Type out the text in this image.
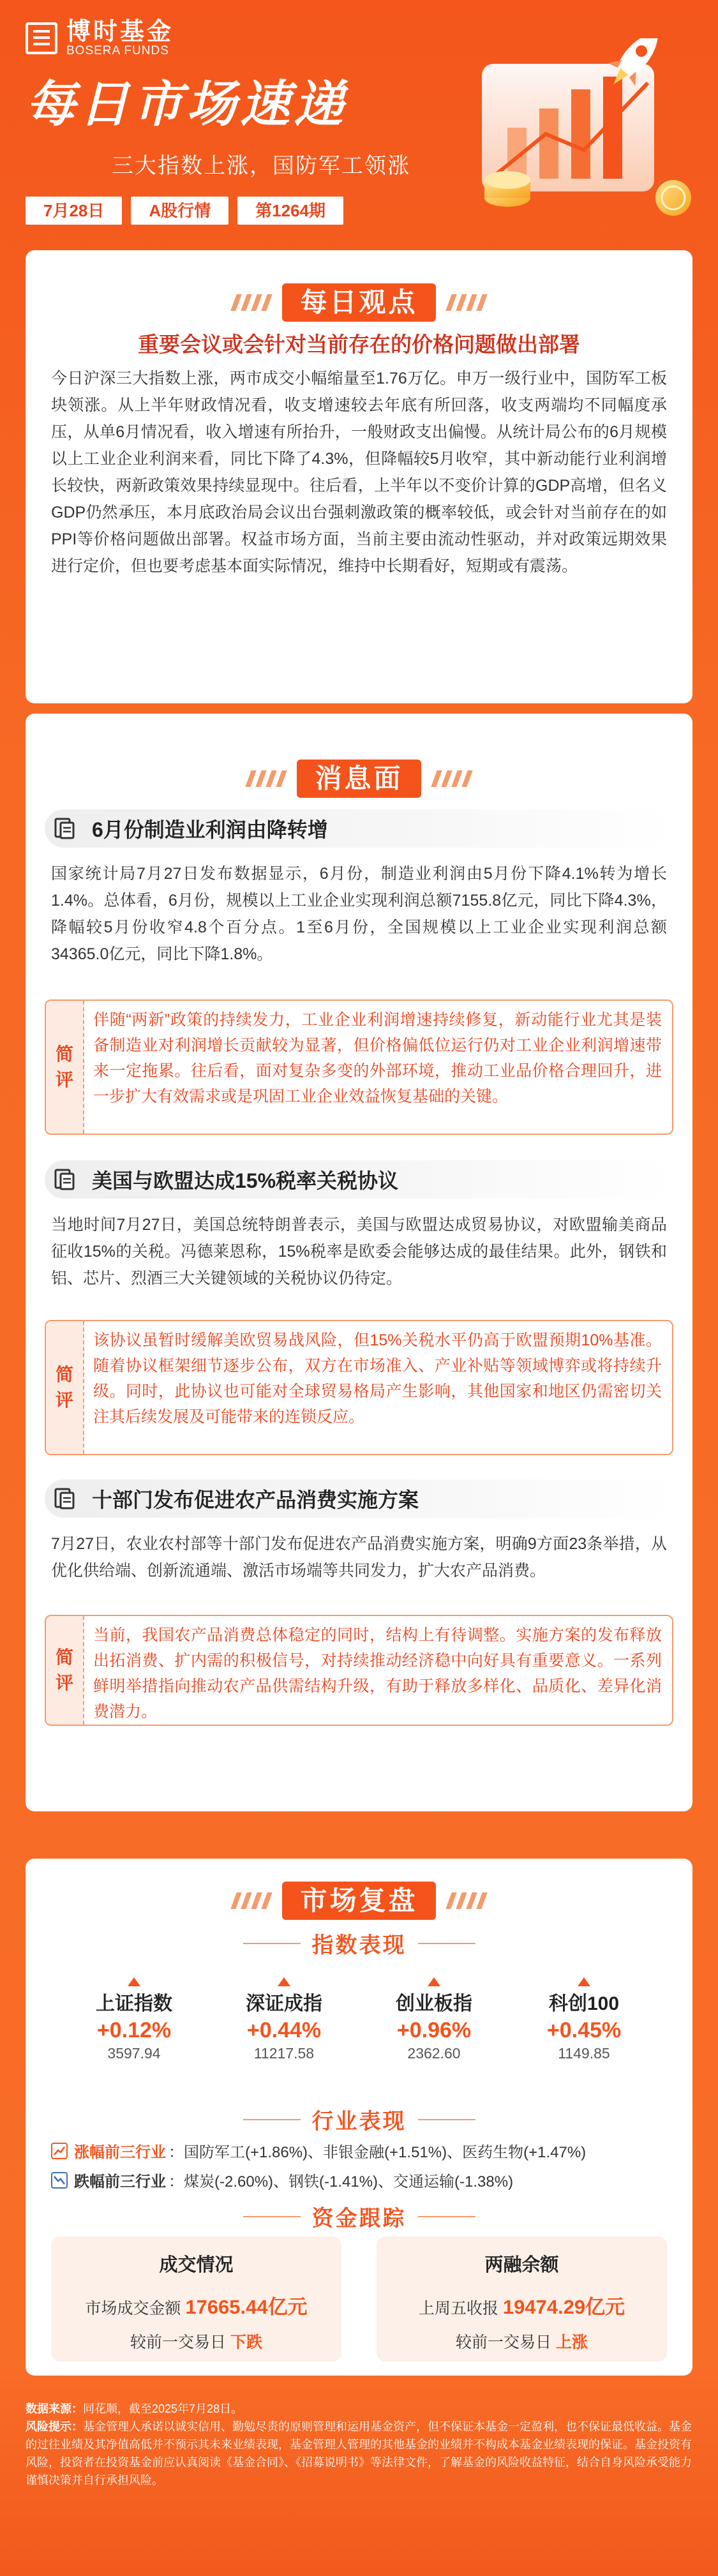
博时基金
BOSERA FUNDS
每日市场速递
三大指数上涨，国防军工领涨
7月28日	A股行情	第1264期
每日观点
重要会议或会针对当前存在的价格问题做出部署
今日沪深三大指数上涨，两市成交小幅缩量至1.76万亿。申万一级行业中，国防军工板块领涨。从上半年财政情况看，收支增速较去年底有所回落，收支两端均不同幅度承压，从单6月情况看，收入增速有所抬升，一般财政支出偏慢。从统计局公布的6月规模以上工业企业利润来看，同比下降了4.3%，但降幅较5月收窄，其中新动能行业利润增长较快，两新政策效果持续显现中。往后看，上半年以不变价计算的GDP高增，但名义GDP仍然承压，本月底政治局会议出台强刺激政策的概率较低，或会针对当前存在的如PPI等价格问题做出部署。权益市场方面，当前主要由流动性驱动，并对政策远期效果进行定价，但也要考虑基本面实际情况，维持中长期看好，短期或有震荡。
消息面
6月份制造业利润由降转增
国家统计局7月27日发布数据显示，6月份，制造业利润由5月份下降4.1%转为增长1.4%。总体看，6月份，规模以上工业企业实现利润总额7155.8亿元，同比下降4.3%，降幅较5月份收窄4.8个百分点。1至6月份，全国规模以上工业企业实现利润总额34365.0亿元，同比下降1.8%。
简
评
伴随“两新”政策的持续发力，工业企业利润增速持续修复，新动能行业尤其是装备制造业对利润增长贡献较为显著，但价格偏低位运行仍对工业企业利润增速带来一定拖累。往后看，面对复杂多变的外部环境，推动工业品价格合理回升，进一步扩大有效需求或是巩固工业企业效益恢复基础的关键。
美国与欧盟达成15%税率关税协议
当地时间7月27日，美国总统特朗普表示，美国与欧盟达成贸易协议，对欧盟输美商品征收15%的关税。冯德莱恩称，15%税率是欧委会能够达成的最佳结果。此外，钢铁和铝、芯片、烈酒三大关键领域的关税协议仍待定。
简
评
该协议虽暂时缓解美欧贸易战风险，但15%关税水平仍高于欧盟预期10%基准。随着协议框架细节逐步公布，双方在市场准入、产业补贴等领域博弈或将持续升级。同时，此协议也可能对全球贸易格局产生影响，其他国家和地区仍需密切关注其后续发展及可能带来的连锁反应。
十部门发布促进农产品消费实施方案
7月27日，农业农村部等十部门发布促进农产品消费实施方案，明确9方面23条举措，从优化供给端、创新流通端、激活市场端等共同发力，扩大农产品消费。
简
评
当前，我国农产品消费总体稳定的同时，结构上有待调整。实施方案的发布释放出拓消费、扩内需的积极信号，对持续推动经济稳中向好具有重要意义。一系列鲜明举措指向推动农产品供需结构升级，有助于释放多样化、品质化、差异化消费潜力。
市场复盘
指数表现
上证指数
+0.12%
3597.94
深证成指
+0.44%
11217.58
创业板指
+0.96%
2362.60
科创100
+0.45%
1149.85
行业表现
涨幅前三行业 ：国防军工(+1.86%)、非银金融(+1.51%)、医药生物(+1.47%)
跌幅前三行业 ：煤炭(-2.60%)、钢铁(-1.41%)、交通运输(-1.38%)
资金跟踪
成交情况
市场成交金额 17665.44亿元
较前一交易日 下跌
两融余额
上周五收报 19474.29亿元
较前一交易日 上涨
数据来源：同花顺，截至2025年7月28日。
风险提示：基金管理人承诺以诚实信用、勤勉尽责的原则管理和运用基金资产，但不保证本基金一定盈利，也不保证最低收益。基金的过往业绩及其净值高低并不预示其未来业绩表现，基金管理人管理的其他基金的业绩并不构成本基金业绩表现的保证。基金投资有风险，投资者在投资基金前应认真阅读《基金合同》、《招募说明书》等法律文件，了解基金的风险收益特征，结合自身风险承受能力谨慎决策并自行承担风险。
